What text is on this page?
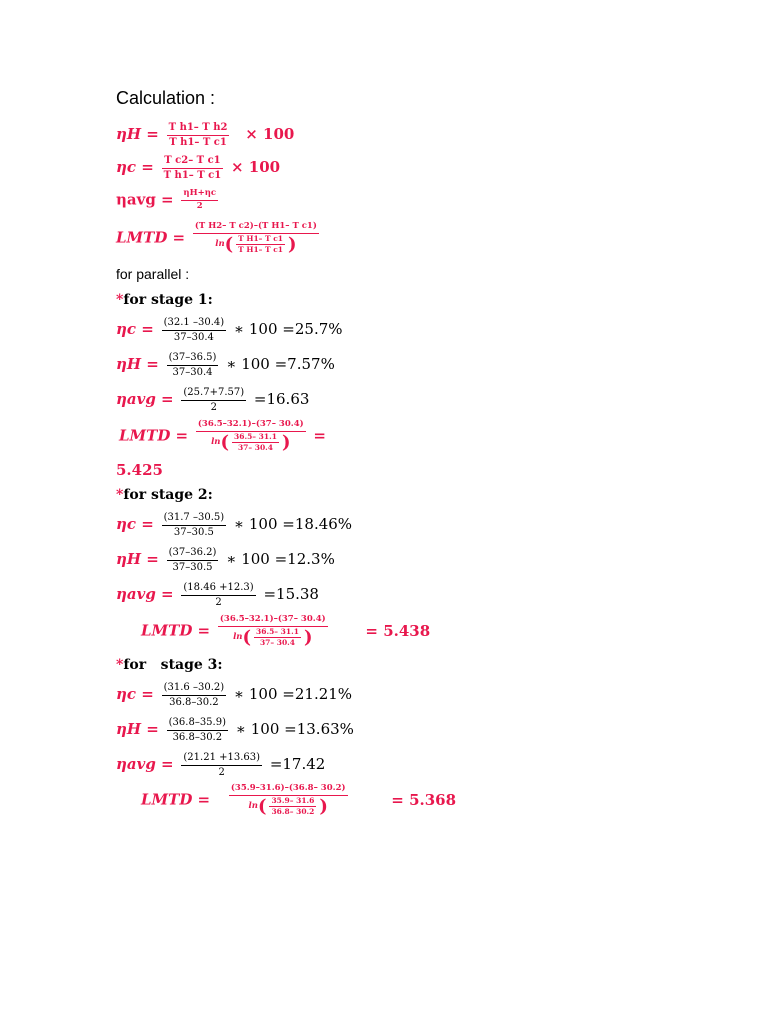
Calculation :
$\eta H = \frac{\text{T h1– T h2}}{\text{T h1– T c1}} \times 100$
$\eta c = \frac{\text{T c2– T c1}}{\text{T h1– T c1}} \times 100$
$\eta avg = \frac{\eta H+\eta c}{2}$
LMTD =
(T H2– T c2)–(T H1– T c1)
ln ( $\frac{\text{T H1– T c1}}{\text{T H1– T c1}}$ )
for parallel :
*for stage 1:
$\eta c = \frac{(32.1 -30.4)}{37-30.4}$ ∗ 100 =25.7%
$\eta H = \frac{(37-36.5)}{37-30.4}$ ∗ 100 =7.57%
$\eta avg = \frac{(25.7+7.57)}{2} =16.63$
LMTD =
(36.5–32.1)–(37– 30.4)
ln ( $\frac{36.5- 31.1}{37- 30.4}$ ) =
5.425
*for stage 2:
$\eta c = \frac{(31.7 -30.5)}{37-30.5}$ ∗ 100 =18.46%
$\eta H = \frac{(37-36.2)}{37-30.5}$ ∗ 100 =12.3%
$\eta avg = \frac{(18.46 +12.3)}{2} =15.38$
LMTD =
(36.5–32.1)–(37– 30.4)
ln ( $\frac{36.5- 31.1}{37- 30.4}$ )	= 5.438
*for   stage 3:
$\eta c = \frac{(31.6 -30.2)}{36.8-30.2}$ ∗ 100 =21.21%
$\eta H = \frac{(36.8-35.9)}{36.8-30.2}$ ∗ 100 =13.63%
$\eta avg = \frac{(21.21 +13.63)}{2} =17.42$
LMTD =
(35.9–31.6)–(36.8– 30.2)
ln ( $\frac{35.9- 31.6}{36.8- 30.2}$ )	= 5.368
